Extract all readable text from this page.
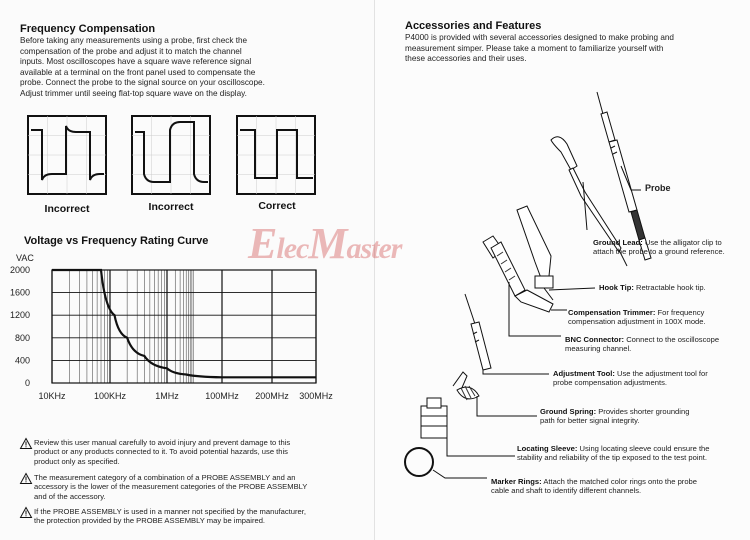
Frequency Compensation
Before taking any measurements using a probe, first check the
compensation of the probe and adjust it to match the channel
inputs. Most oscilloscopes have a square wave reference signal
available at a terminal on the front panel used to compensate the
probe. Connect the probe to the signal source on your oscilloscope.
Adjust trimmer until seeing flat-top square wave on the display.
Incorrect	Incorrect	Correct
Voltage vs Frequency Rating Curve
2000
1600
1200
800
400
0
VAC
10KHz	100KHz	1MHz	100MHz 200MHz 300MHz
Review this user manual carefully to avoid injury and prevent damage to this
product or any products connected to it. To avoid potential hazards, use this
product only as specified.
The measurement category of a combination of a PROBE ASSEMBLY and an
accessory is the lower of the measurement categories of the PROBE ASSEMBLY
and of the accessory.
If the PROBE ASSEMBLY is used in a manner not specified by the manufacturer,
the protection provided by the PROBE ASSEMBLY may be impaired.
Accessories and Features
P4000 is provided with several accessories designed to make probing and
measurement simper. Please take a moment to familiarize yourself with
these accessories and their uses.
Probe
Ground Lead: Use the alligator clip to
attach the probe to a ground reference.
Hook Tip: Retractable hook tip.
Compensation Trimmer: For frequency
compensation adjustment in 100X mode.
BNC Connector: Connect to the oscilloscope
measuring channel.
Adjustment Tool: Use the adjustment tool for
probe compensation adjustments.
Ground Spring: Provides shorter grounding
path for better signal integrity.
Locating Sleeve: Using locating sleeve could ensure the
stability and reliability of the tip exposed to the test point.
Marker Rings: Attach the matched color rings onto the probe
cable and shaft to identify different channels.
ElecMaster
